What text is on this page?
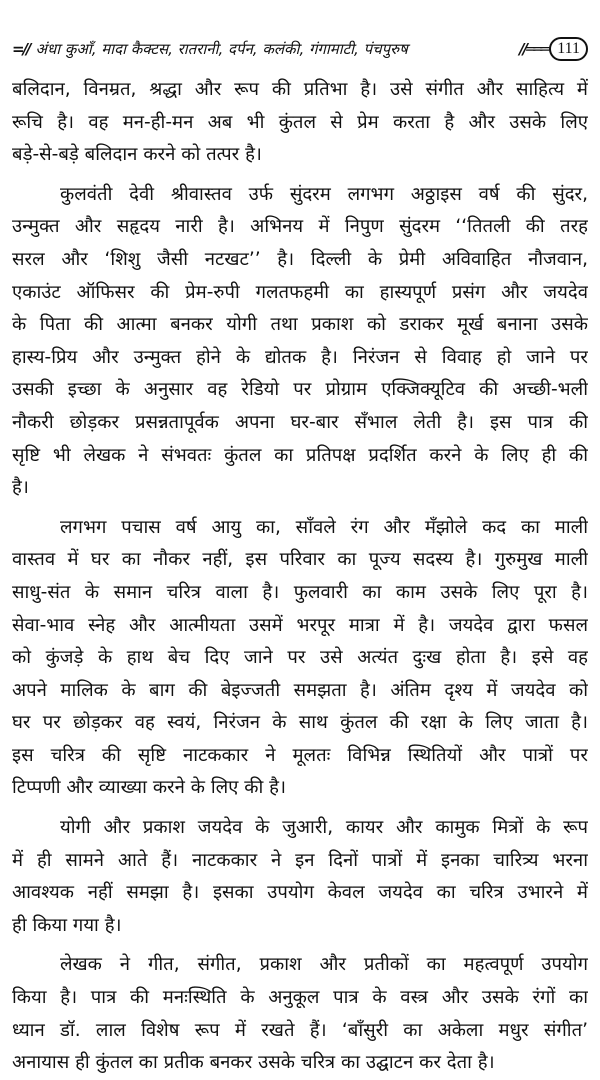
=// अंधा कुआँ, मादा कैक्टस, रातरानी, दर्पन, कलंकी, गंगामाटी, पंचपुरुष	//═══ 111
बलिदान, विनम्रत, श्रद्धा और रूप की प्रतिभा है। उसे संगीत और साहित्य में
रूचि है। वह मन-ही-मन अब भी कुंतल से प्रेम करता है और उसके लिए
बड़े-से-बड़े बलिदान करने को तत्पर है।
कुलवंती देवी श्रीवास्तव उर्फ सुंदरम लगभग अठ्ठाइस वर्ष की सुंदर,
उन्मुक्त और सहृदय नारी है। अभिनय में निपुण सुंदरम ‘‘तितली की तरह
सरल और ‘शिशु जैसी नटखट’’ है। दिल्ली के प्रेमी अविवाहित नौजवान,
एकाउंट ऑफिसर की प्रेम-रुपी गलतफहमी का हास्यपूर्ण प्रसंग और जयदेव
के पिता की आत्मा बनकर योगी तथा प्रकाश को डराकर मूर्ख बनाना उसके
हास्य-प्रिय और उन्मुक्त होने के द्योतक है। निरंजन से विवाह हो जाने पर
उसकी इच्छा के अनुसार वह रेडियो पर प्रोग्राम एक्जिक्यूटिव की अच्छी-भली
नौकरी छोड़कर प्रसन्नतापूर्वक अपना घर-बार सँभाल लेती है। इस पात्र की
सृष्टि भी लेखक ने संभवतः कुंतल का प्रतिपक्ष प्रदर्शित करने के लिए ही की
है।
लगभग पचास वर्ष आयु का, साँवले रंग और मँझोले कद का माली
वास्तव में घर का नौकर नहीं, इस परिवार का पूज्य सदस्य है। गुरुमुख माली
साधु-संत के समान चरित्र वाला है। फुलवारी का काम उसके लिए पूरा है।
सेवा-भाव स्नेह और आत्मीयता उसमें भरपूर मात्रा में है। जयदेव द्वारा फसल
को कुंजड़े के हाथ बेच दिए जाने पर उसे अत्यंत दुःख होता है। इसे वह
अपने मालिक के बाग की बेइज्जती समझता है। अंतिम दृश्य में जयदेव को
घर पर छोड़कर वह स्वयं, निरंजन के साथ कुंतल की रक्षा के लिए जाता है।
इस चरित्र की सृष्टि नाटककार ने मूलतः विभिन्न स्थितियों और पात्रों पर
टिप्पणी और व्याख्या करने के लिए की है।
योगी और प्रकाश जयदेव के जुआरी, कायर और कामुक मित्रों के रूप
में ही सामने आते हैं। नाटककार ने इन दिनों पात्रों में इनका चारित्र्य भरना
आवश्यक नहीं समझा है। इसका उपयोग केवल जयदेव का चरित्र उभारने में
ही किया गया है।
लेखक ने गीत, संगीत, प्रकाश और प्रतीकों का महत्वपूर्ण उपयोग
किया है। पात्र की मनःस्थिति के अनुकूल पात्र के वस्त्र और उसके रंगों का
ध्यान डॉ. लाल विशेष रूप में रखते हैं। ‘बाँसुरी का अकेला मधुर संगीत’
अनायास ही कुंतल का प्रतीक बनकर उसके चरित्र का उद्घाटन कर देता है।
